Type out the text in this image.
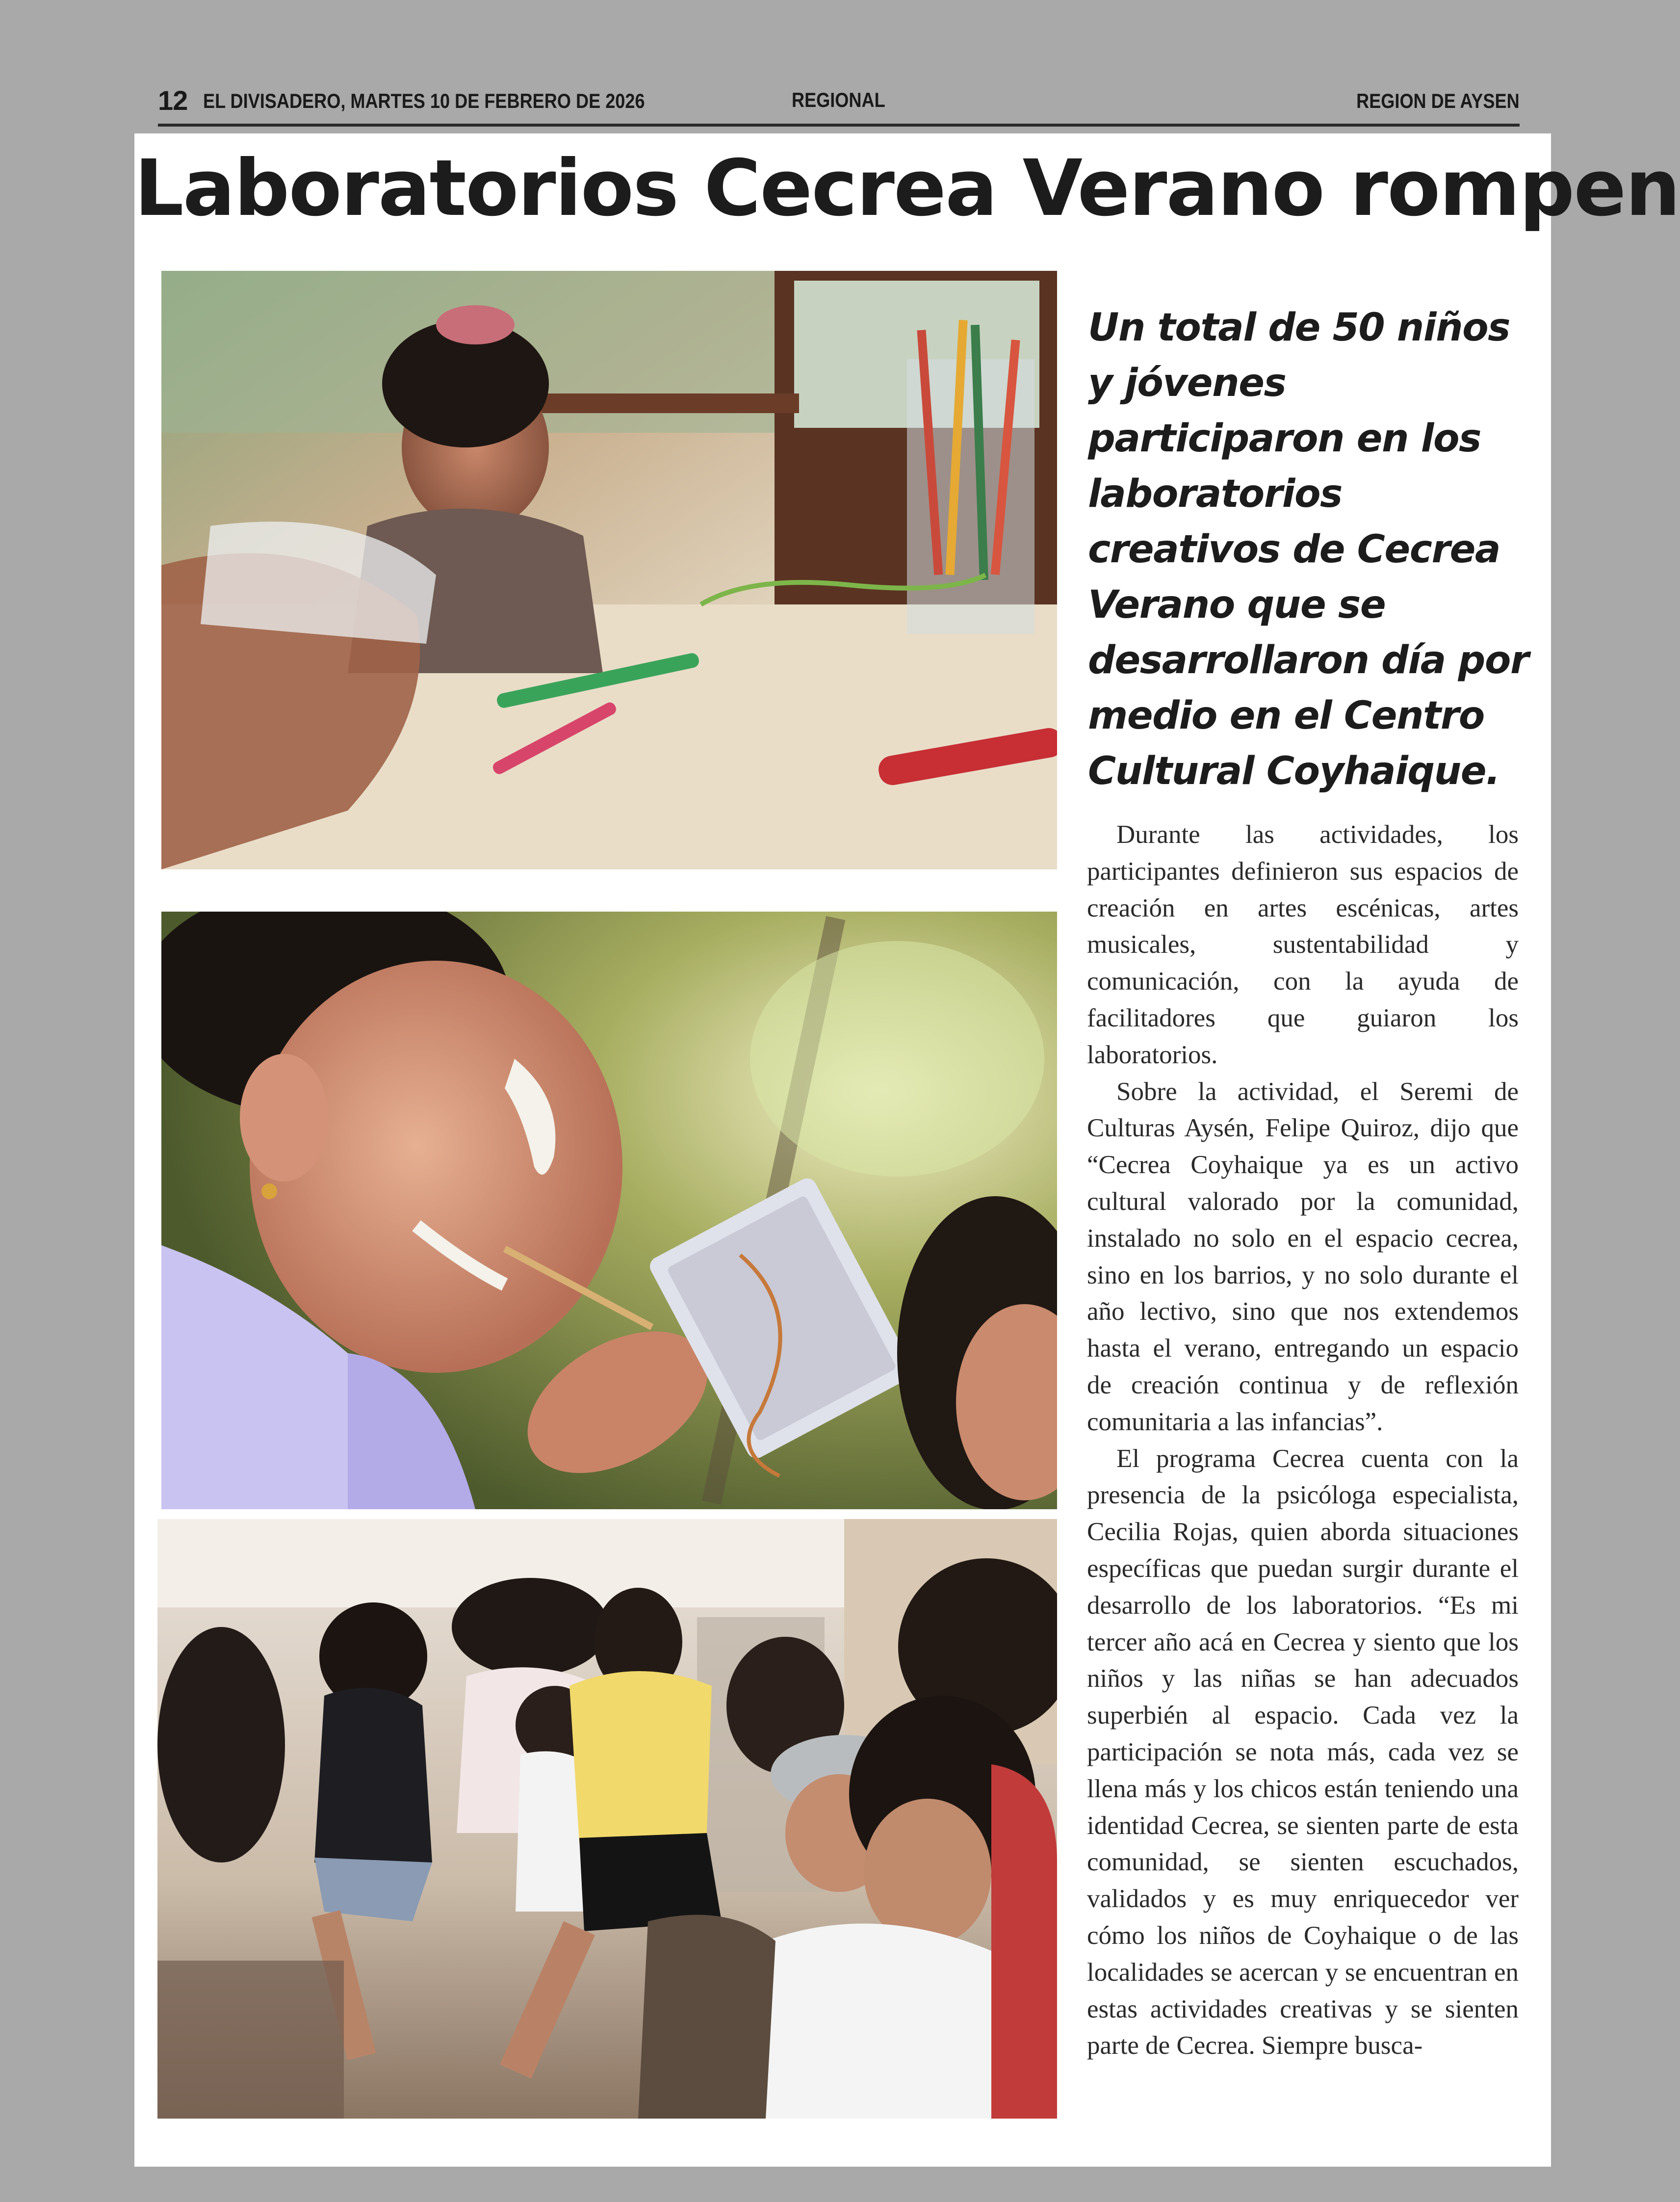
12 EL DIVISADERO, MARTES 10 DE FEBRERO DE 2026	REGIONAL	REGION DE AYSEN
Laboratorios Cecrea Verano rompen
Un total de 50 niños y jóvenes participaron en los laboratorios creativos de Cecrea Verano que se desarrollaron día por medio en el Centro Cultural Coyhaique.

Durante las actividades, los participantes definieron sus espacios de creación en artes escénicas, artes musicales, sustentabilidad y comunicación, con la ayuda de facilitadores que guiaron los laboratorios.

Sobre la actividad, el Seremi de Culturas Aysén, Felipe Quiroz, dijo que “Cecrea Coyhaique ya es un activo cultural valorado por la comunidad, instalado no solo en el espacio cecrea, sino en los barrios, y no solo durante el año lectivo, sino que nos extendemos hasta el verano, entregando un espacio de creación continua y de reflexión comunitaria a las infancias”.

El programa Cecrea cuenta con la presencia de la psicóloga especialista, Cecilia Rojas, quien aborda situaciones específicas que puedan surgir durante el desarrollo de los laboratorios. “Es mi tercer año acá en Cecrea y siento que los niños y las niñas se han adecuados superbién al espacio. Cada vez la participación se nota más, cada vez se llena más y los chicos están teniendo una identidad Cecrea, se sienten parte de esta comunidad, se sienten escuchados, validados y es muy enriquecedor ver cómo los niños de Coyhaique o de las localidades se acercan y se encuentran en estas actividades creativas y se sienten parte de Cecrea. Siempre busca-
